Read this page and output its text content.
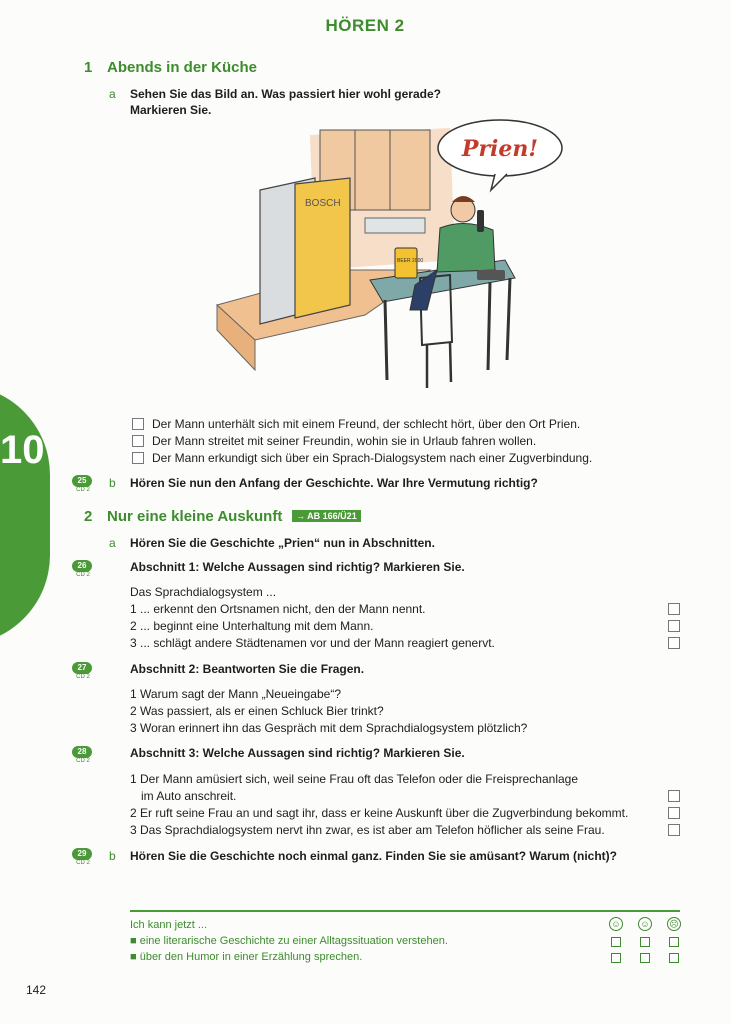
HÖREN 2
10
1 Abends in der Küche
a Sehen Sie das Bild an. Was passiert hier wohl gerade?
Markieren Sie.
BOSCH
BEER 2000
Prien!
Der Mann unterhält sich mit einem Freund, der schlecht hört, über den Ort Prien.
Der Mann streitet mit seiner Freundin, wohin sie in Urlaub fahren wollen.
Der Mann erkundigt sich über ein Sprach-Dialogsystem nach einer Zugverbindung.
25
CD 2	b Hören Sie nun den Anfang der Geschichte. War Ihre Vermutung richtig?
2 Nur eine kleine Auskunft	→ AB 166/Ü21
a Hören Sie die Geschichte „Prien“ nun in Abschnitten.
26
CD 2
Abschnitt 1: Welche Aussagen sind richtig? Markieren Sie.
Das Sprachdialogsystem ...
1 ... erkennt den Ortsnamen nicht, den der Mann nennt.
2 ... beginnt eine Unterhaltung mit dem Mann.
3 ... schlägt andere Städtenamen vor und der Mann reagiert genervt.
27
CD 2
Abschnitt 2: Beantworten Sie die Fragen.
1 Warum sagt der Mann „Neueingabe“?
2 Was passiert, als er einen Schluck Bier trinkt?
3 Woran erinnert ihn das Gespräch mit dem Sprachdialogsystem plötzlich?
28
CD 2
Abschnitt 3: Welche Aussagen sind richtig? Markieren Sie.
1 Der Mann amüsiert sich, weil seine Frau oft das Telefon oder die Freisprechanlage
im Auto anschreit.
2 Er ruft seine Frau an und sagt ihr, dass er keine Auskunft über die Zugverbindung bekommt.
3 Das Sprachdialogsystem nervt ihn zwar, es ist aber am Telefon höflicher als seine Frau.
29
CD 2	b Hören Sie die Geschichte noch einmal ganz. Finden Sie sie amüsant? Warum (nicht)?
Ich kann jetzt ...
■ eine literarische Geschichte zu einer Alltagssituation verstehen.
■ über den Humor in einer Erzählung sprechen.
☺ ☺ ☹
142
